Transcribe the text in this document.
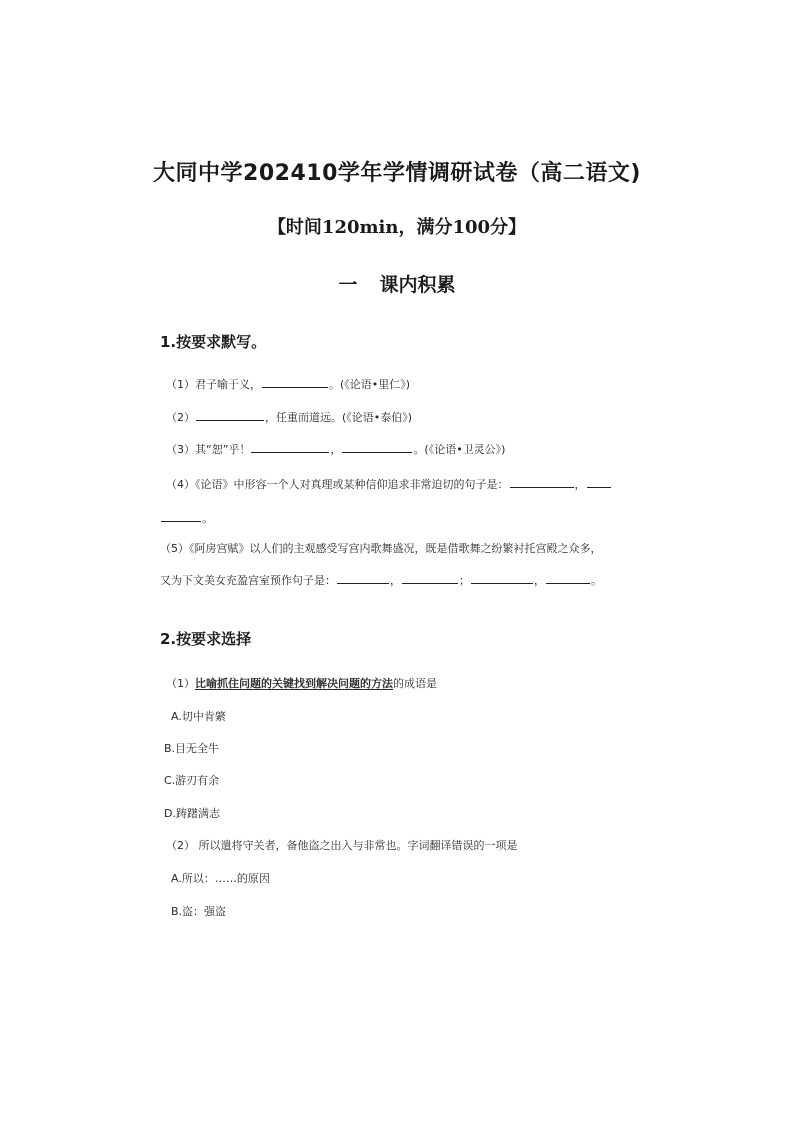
大同中学202410学年学情调研试卷（高二语文)
【时间120min，满分100分】
一 课内积累
1.按要求默写。
（1）君子喻于义，	。(《论语•里仁》)
（2）	，任重而道远。(《论语•泰伯》)
（3）其“恕”乎！	，	。(《论语•卫灵公》)
（4）《论语》中形容一个人对真理或某种信仰追求非常迫切的句子是：	，
。
（5）《阿房宫赋》以人们的主观感受写宫内歌舞盛况，既是借歌舞之纷繁衬托宫殿之众多，
又为下文美女充盈宫室预作句子是：	，	；	，	。
2.按要求选择
（1）比喻抓住问题的关键找到解决问题的方法的成语是
A.切中肯綮
B.目无全牛
C.游刃有余
D.踌躇满志
（2） 所以遣将守关者，备他盗之出入与非常也。字词翻译错误的一项是
A.所以：……的原因
B.盗：强盗
